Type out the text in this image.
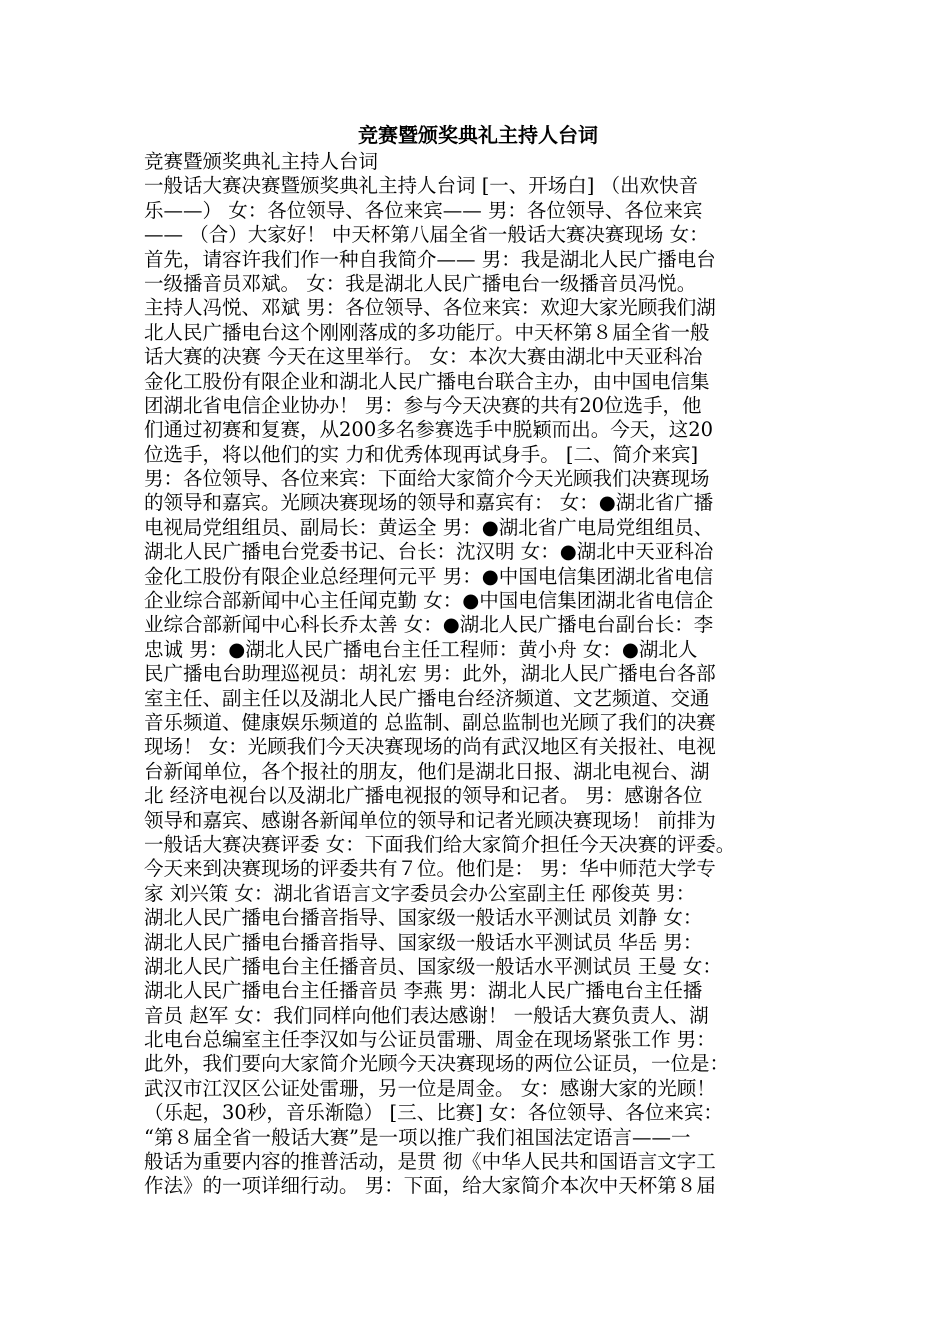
竞赛暨颁奖典礼主持人台词
竞赛暨颁奖典礼主持人台词
一般话大赛决赛暨颁奖典礼主持人台词 [一、开场白] （出欢快音
乐——） 女：各位领导、各位来宾—— 男：各位领导、各位来宾
—— （合）大家好！ 中天杯第八届全省一般话大赛决赛现场 女：
首先，请容许我们作一种自我简介—— 男：我是湖北人民广播电台
一级播音员邓斌。 女：我是湖北人民广播电台一级播音员冯悦。
主持人冯悦、邓斌 男：各位领导、各位来宾：欢迎大家光顾我们湖
北人民广播电台这个刚刚落成的多功能厅。中天杯第８届全省一般
话大赛的决赛 今天在这里举行。 女：本次大赛由湖北中天亚科冶
金化工股份有限企业和湖北人民广播电台联合主办，由中国电信集
团湖北省电信企业协办！ 男：参与今天决赛的共有20位选手，他
们通过初赛和复赛，从200多名参赛选手中脱颖而出。今天，这20
位选手，将以他们的实 力和优秀体现再试身手。 [二、简介来宾]
男：各位领导、各位来宾：下面给大家简介今天光顾我们决赛现场
的领导和嘉宾。光顾决赛现场的领导和嘉宾有： 女：●湖北省广播
电视局党组组员、副局长：黄运全 男：●湖北省广电局党组组员、
湖北人民广播电台党委书记、台长：沈汉明 女：●湖北中天亚科冶
金化工股份有限企业总经理何元平 男：●中国电信集团湖北省电信
企业综合部新闻中心主任闻克勤 女：●中国电信集团湖北省电信企
业综合部新闻中心科长乔太善 女：●湖北人民广播电台副台长：李
忠诚 男：●湖北人民广播电台主任工程师：黄小舟 女：●湖北人
民广播电台助理巡视员：胡礼宏 男：此外，湖北人民广播电台各部
室主任、副主任以及湖北人民广播电台经济频道、文艺频道、交通
音乐频道、健康娱乐频道的 总监制、副总监制也光顾了我们的决赛
现场！ 女：光顾我们今天决赛现场的尚有武汉地区有关报社、电视
台新闻单位，各个报社的朋友，他们是湖北日报、湖北电视台、湖
北 经济电视台以及湖北广播电视报的领导和记者。 男：感谢各位
领导和嘉宾、感谢各新闻单位的领导和记者光顾决赛现场！ 前排为
一般话大赛决赛评委 女：下面我们给大家简介担任今天决赛的评委。
今天来到决赛现场的评委共有７位。他们是： 男：华中师范大学专
家 刘兴策 女：湖北省语言文字委员会办公室副主任 邴俊英 男：
湖北人民广播电台播音指导、国家级一般话水平测试员 刘静 女：
湖北人民广播电台播音指导、国家级一般话水平测试员 华岳 男：
湖北人民广播电台主任播音员、国家级一般话水平测试员 王曼 女：
湖北人民广播电台主任播音员 李燕 男：湖北人民广播电台主任播
音员 赵军 女：我们同样向他们表达感谢！ 一般话大赛负责人、湖
北电台总编室主任李汉如与公证员雷珊、周金在现场紧张工作 男：
此外，我们要向大家简介光顾今天决赛现场的两位公证员，一位是：
武汉市江汉区公证处雷珊，另一位是周金。 女：感谢大家的光顾！
（乐起，30秒，音乐渐隐） [三、比赛] 女：各位领导、各位来宾：
“第８届全省一般话大赛”是一项以推广我们祖国法定语言——一
般话为重要内容的推普活动，是贯 彻《中华人民共和国语言文字工
作法》的一项详细行动。 男：下面，给大家简介本次中天杯第８届
